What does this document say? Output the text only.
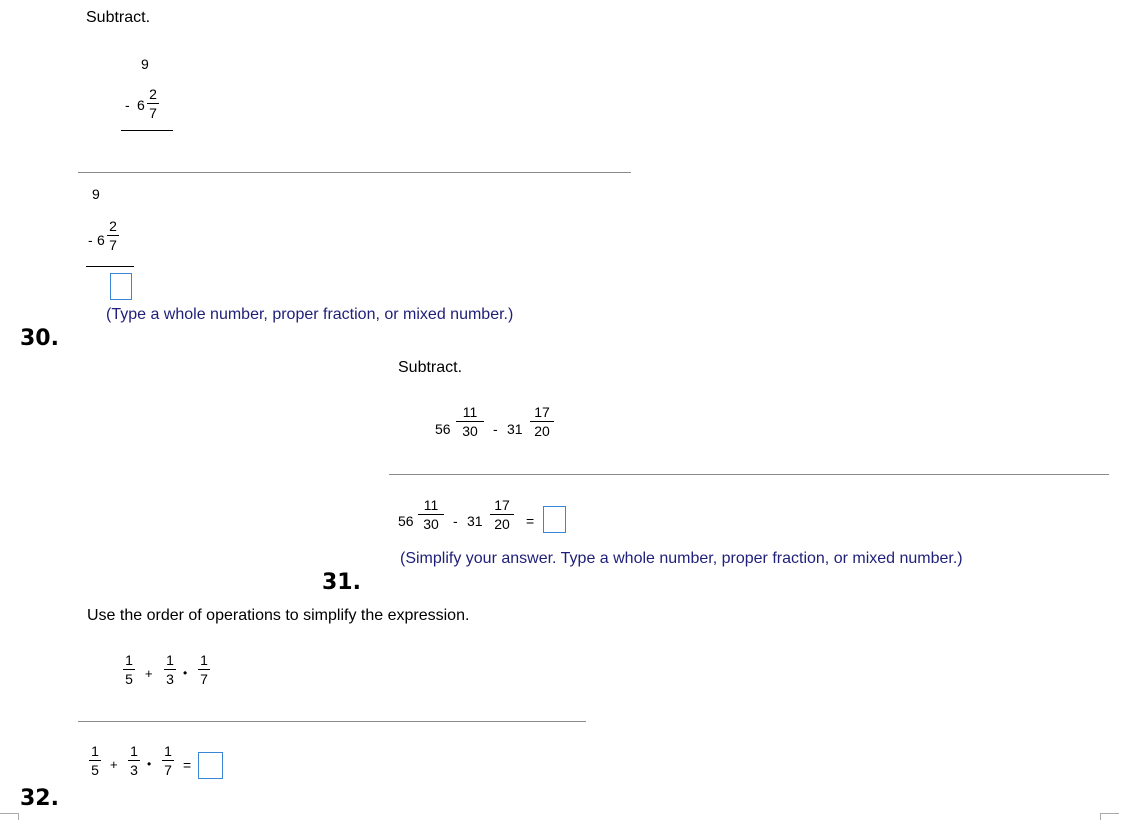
Subtract.
9
- 6
2
7
9
- 6
2
7
(Type a whole number, proper fraction, or mixed number.)
30.
Subtract.
56
11
30 - 31
17
20
56
11
30 - 31
17
20 =
(Simplify your answer. Type a whole number, proper fraction, or mixed number.)
31.
Use the order of operations to simplify the expression.
1
5 +
1
3 •
1
7
1
5 +
1
3 •
1
7 =
32.
